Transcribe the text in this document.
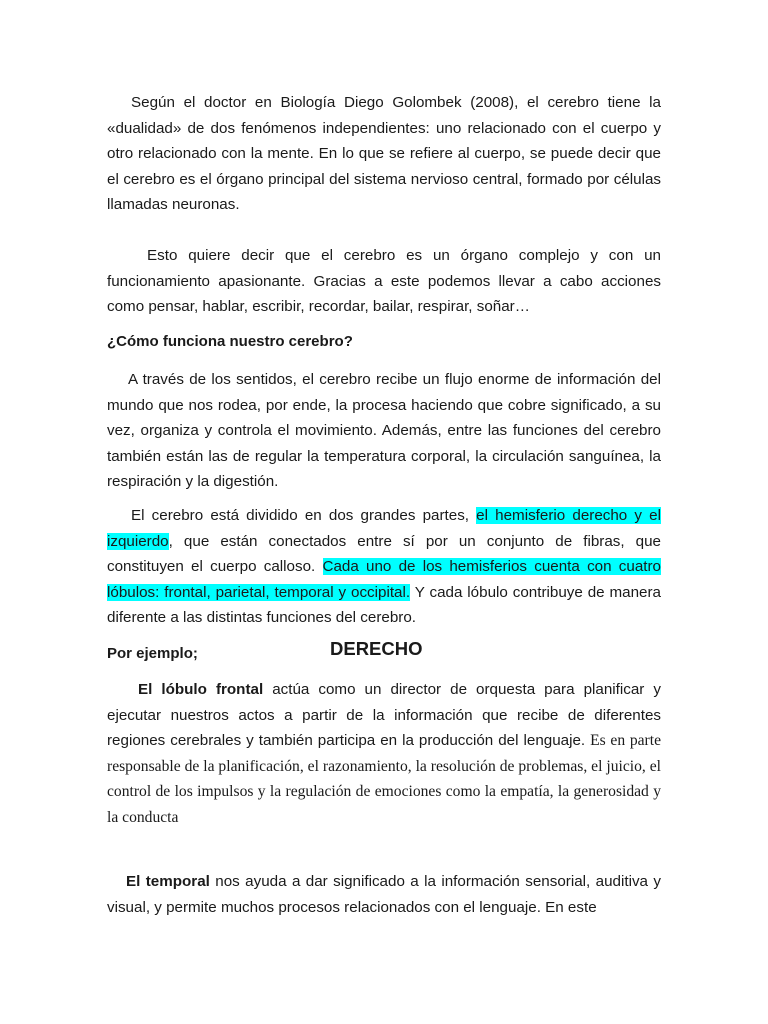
Según el doctor en Biología Diego Golombek (2008), el cerebro tiene la «dualidad» de dos fenómenos independientes: uno relacionado con el cuerpo y otro relacionado con la mente. En lo que se refiere al cuerpo, se puede decir que el cerebro es el órgano principal del sistema nervioso central, formado por células llamadas neuronas.

Esto quiere decir que el cerebro es un órgano complejo y con un funcionamiento apasionante. Gracias a este podemos llevar a cabo acciones como pensar, hablar, escribir, recordar, bailar, respirar, soñar…

¿Cómo funciona nuestro cerebro?

A través de los sentidos, el cerebro recibe un flujo enorme de información del mundo que nos rodea, por ende, la procesa haciendo que cobre significado, a su vez, organiza y controla el movimiento. Además, entre las funciones del cerebro también están las de regular la temperatura corporal, la circulación sanguínea, la respiración y la digestión.

El cerebro está dividido en dos grandes partes, el hemisferio derecho y el izquierdo, que están conectados entre sí por un conjunto de fibras, que constituyen el cuerpo calloso. Cada uno de los hemisferios cuenta con cuatro lóbulos: frontal, parietal, temporal y occipital. Y cada lóbulo contribuye de manera diferente a las distintas funciones del cerebro.

Por ejemplo;	DERECHO

El lóbulo frontal actúa como un director de orquesta para planificar y ejecutar nuestros actos a partir de la información que recibe de diferentes regiones cerebrales y también participa en la producción del lenguaje. Es en parte responsable de la planificación, el razonamiento, la resolución de problemas, el juicio, el control de los impulsos y la regulación de emociones como la empatía, la generosidad y la conducta

El temporal nos ayuda a dar significado a la información sensorial, auditiva y visual, y permite muchos procesos relacionados con el lenguaje. En este
